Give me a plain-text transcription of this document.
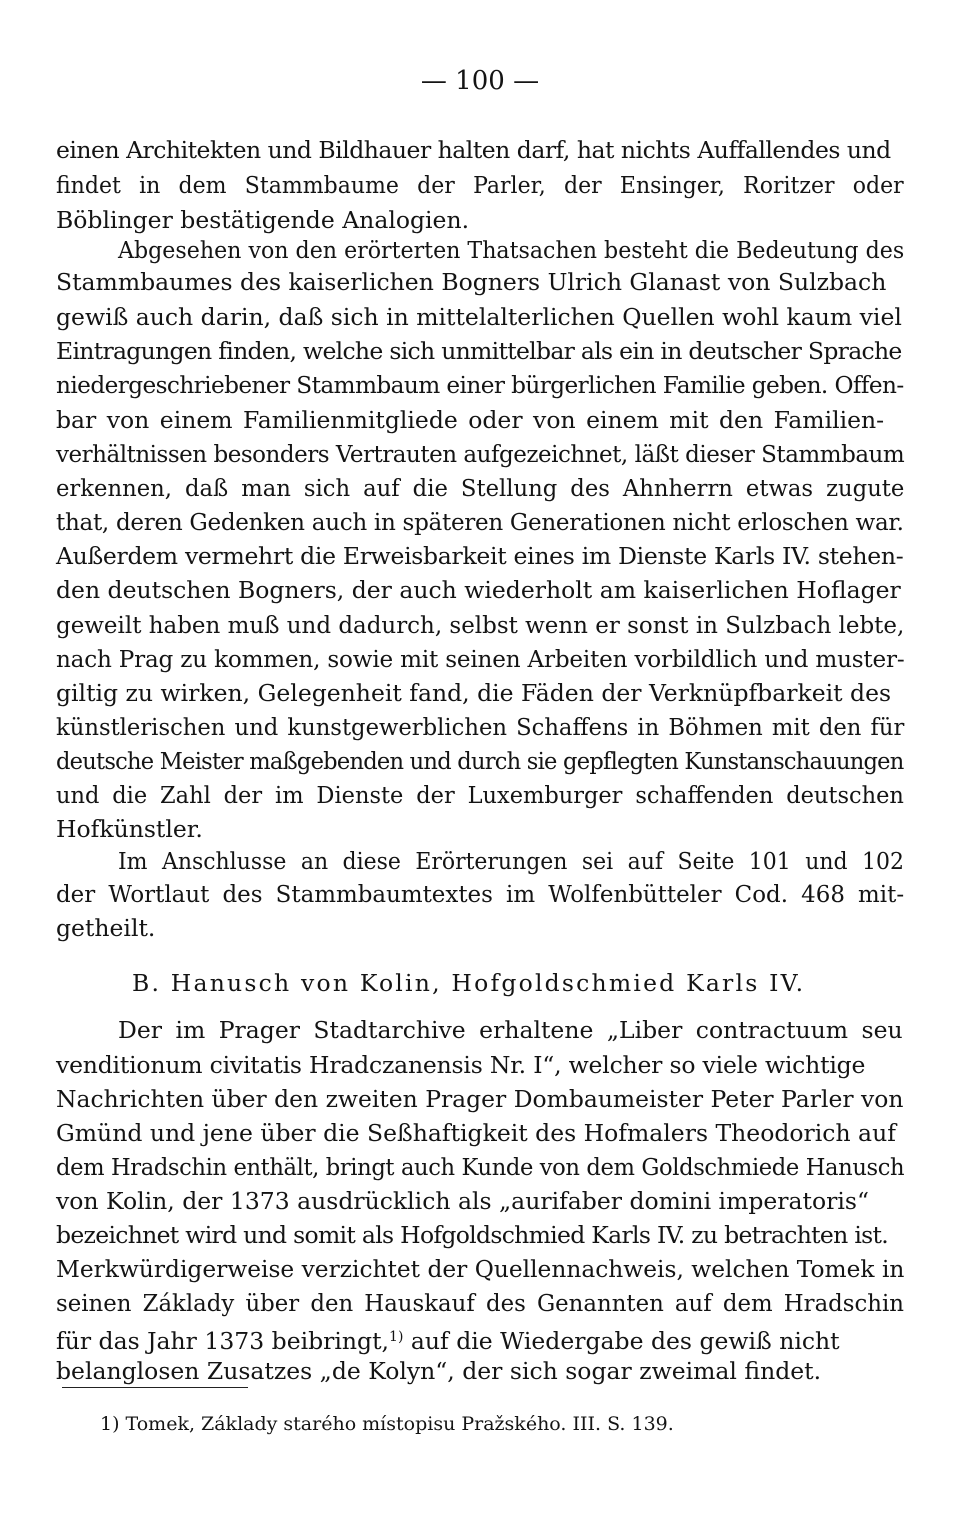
— 100 —
einen Architekten und Bildhauer halten darf, hat nichts Auffallendes und
findet in dem Stammbaume der Parler, der Ensinger, Roritzer oder
Böblinger bestätigende Analogien.
Abgesehen von den erörterten Thatsachen besteht die Bedeutung des
Stammbaumes des kaiserlichen Bogners Ulrich Glanast von Sulzbach
gewiß auch darin, daß sich in mittelalterlichen Quellen wohl kaum viel
Eintragungen finden, welche sich unmittelbar als ein in deutscher Sprache
niedergeschriebener Stammbaum einer bürgerlichen Familie geben. Offen-
bar von einem Familienmitgliede oder von einem mit den Familien-
verhältnissen besonders Vertrauten aufgezeichnet, läßt dieser Stammbaum
erkennen, daß man sich auf die Stellung des Ahnherrn etwas zugute
that, deren Gedenken auch in späteren Generationen nicht erloschen war.
Außerdem vermehrt die Erweisbarkeit eines im Dienste Karls IV. stehen-
den deutschen Bogners, der auch wiederholt am kaiserlichen Hoflager
geweilt haben muß und dadurch, selbst wenn er sonst in Sulzbach lebte,
nach Prag zu kommen, sowie mit seinen Arbeiten vorbildlich und muster-
giltig zu wirken, Gelegenheit fand, die Fäden der Verknüpfbarkeit des
künstlerischen und kunstgewerblichen Schaffens in Böhmen mit den für
deutsche Meister maßgebenden und durch sie gepflegten Kunstanschauungen
und die Zahl der im Dienste der Luxemburger schaffenden deutschen
Hofkünstler.
Im Anschlusse an diese Erörterungen sei auf Seite 101 und 102
der Wortlaut des Stammbaumtextes im Wolfenbütteler Cod. 468 mit-
getheilt.
B. Hanusch von Kolin, Hofgoldschmied Karls IV.
Der im Prager Stadtarchive erhaltene „Liber contractuum seu
venditionum civitatis Hradczanensis Nr. I“, welcher so viele wichtige
Nachrichten über den zweiten Prager Dombaumeister Peter Parler von
Gmünd und jene über die Seßhaftigkeit des Hofmalers Theodorich auf
dem Hradschin enthält, bringt auch Kunde von dem Goldschmiede Hanusch
von Kolin, der 1373 ausdrücklich als „aurifaber domini imperatoris“
bezeichnet wird und somit als Hofgoldschmied Karls IV. zu betrachten ist.
Merkwürdigerweise verzichtet der Quellennachweis, welchen Tomek in
seinen Základy über den Hauskauf des Genannten auf dem Hradschin
für das Jahr 1373 beibringt,$^{1)}$ auf die Wiedergabe des gewiß nicht
belanglosen Zusatzes „de Kolyn“, der sich sogar zweimal findet.
1) Tomek, Základy starého místopisu Pražského. III. S. 139.
